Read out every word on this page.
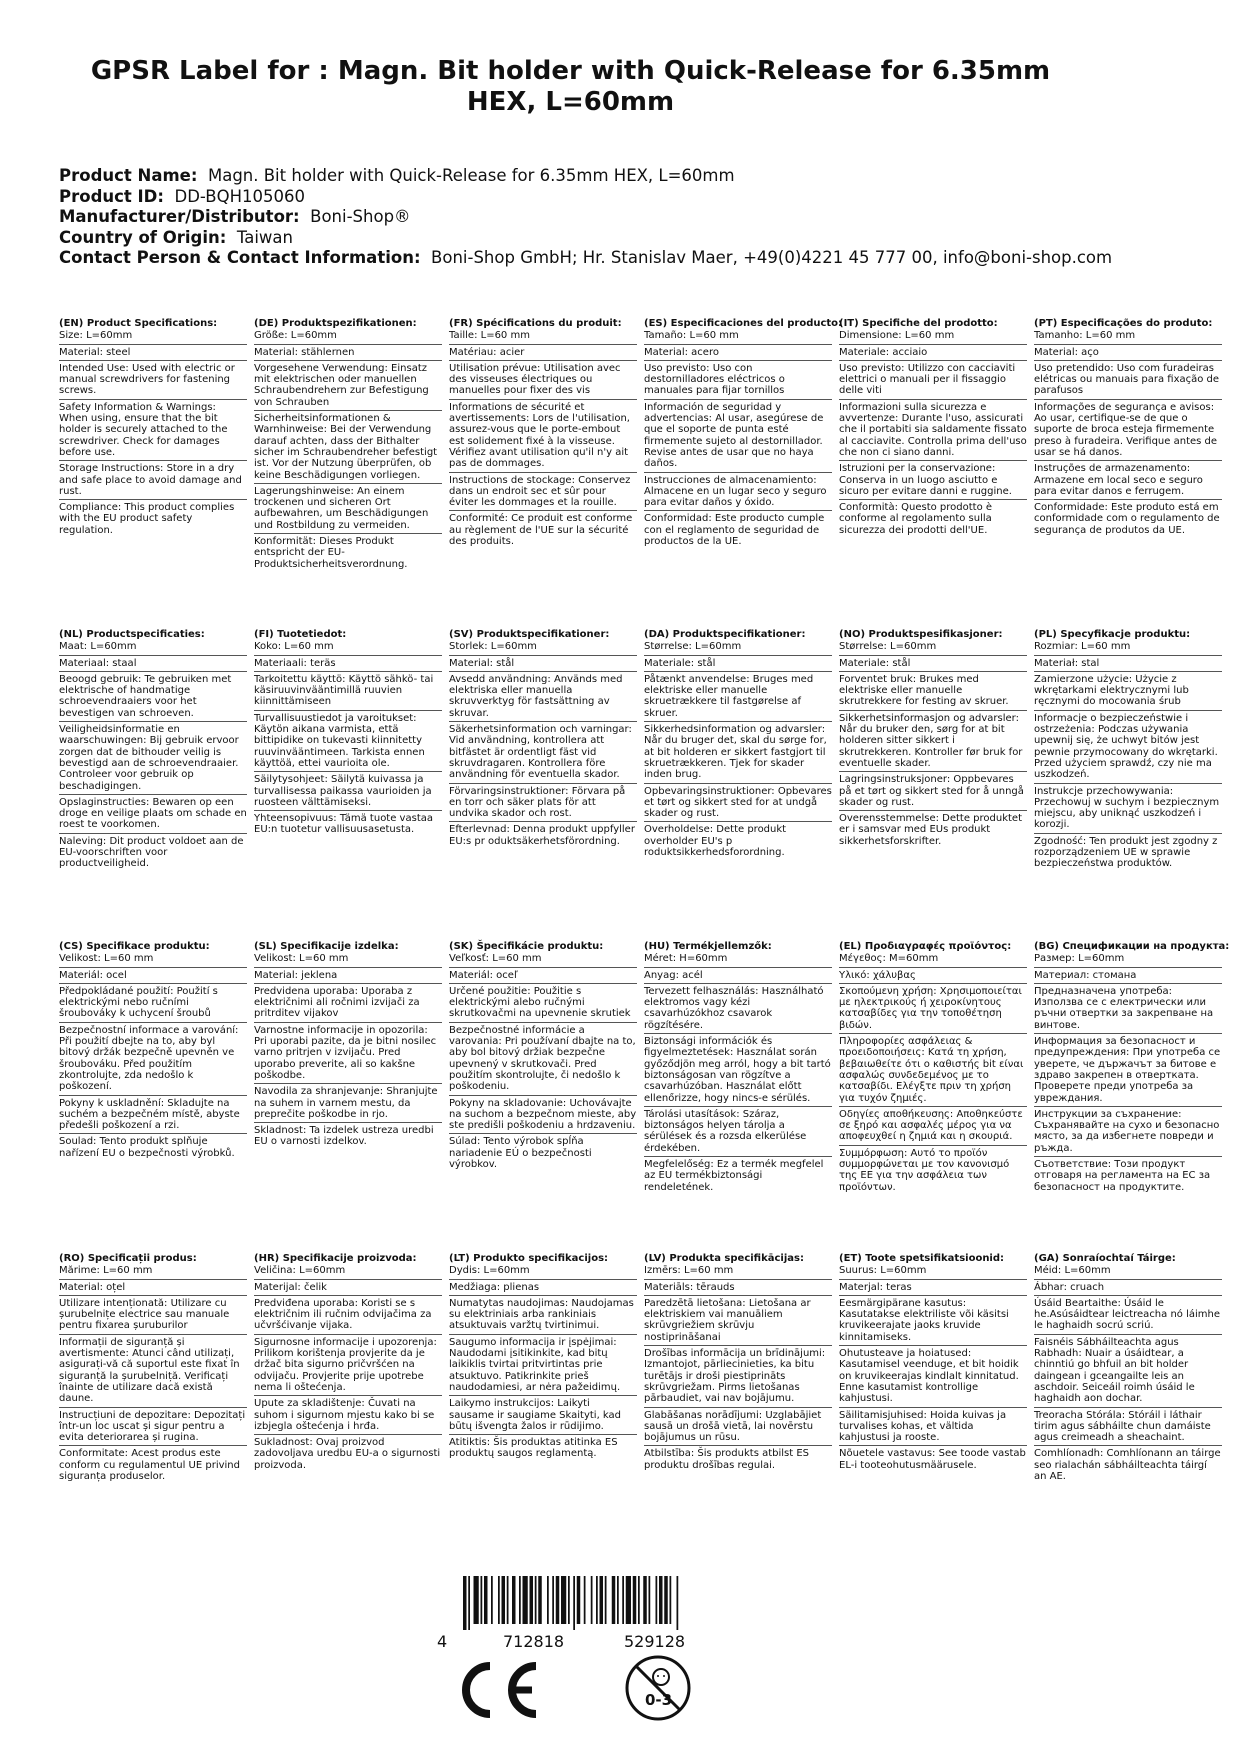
GPSR Label for : Magn. Bit holder with Quick-Release for 6.35mm HEX, L=60mm
Product Name: Magn. Bit holder with Quick-Release for 6.35mm HEX, L=60mm
Product ID: DD-BQH105060
Manufacturer/Distributor: Boni-Shop®
Country of Origin: Taiwan
Contact Person & Contact Information: Boni-Shop GmbH; Hr. Stanislav Maer, +49(0)4221 45 777 00, info@boni-shop.com
(EN) Product Specifications:

Size: L=60mm

Material: steel

Intended Use: Used with electric or manual screwdrivers for fastening screws.

Safety Information & Warnings: When using, ensure that the bit holder is securely attached to the screwdriver. Check for damages before use.

Storage Instructions: Store in a dry and safe place to avoid damage and rust.

Compliance: This product complies with the EU product safety regulation.

(DE) Produktspezifikationen:

Größe: L=60mm

Material: stählernen

Vorgesehene Verwendung: Einsatz mit elektrischen oder manuellen Schraubendrehern zur Befestigung von Schrauben

Sicherheitsinformationen & Warnhinweise: Bei der Verwendung darauf achten, dass der Bithalter sicher im Schraubendreher befestigt ist. Vor der Nutzung überprüfen, ob keine Beschädigungen vorliegen.

Lagerungshinweise: An einem trockenen und sicheren Ort aufbewahren, um Beschädigungen und Rostbildung zu vermeiden.

Konformität: Dieses Produkt entspricht der EU-Produktsicherheitsverordnung.

(FR) Spécifications du produit:

Taille: L=60 mm

Matériau: acier

Utilisation prévue: Utilisation avec des visseuses électriques ou manuelles pour fixer des vis

Informations de sécurité et avertissements: Lors de l'utilisation, assurez-vous que le porte-embout est solidement fixé à la visseuse. Vérifiez avant utilisation qu'il n'y ait pas de dommages.

Instructions de stockage: Conservez dans un endroit sec et sûr pour éviter les dommages et la rouille.

Conformité: Ce produit est conforme au règlement de l'UE sur la sécurité des produits.

(ES) Especificaciones del producto:

Tamaño: L=60 mm

Material: acero

Uso previsto: Uso con destornilladores eléctricos o manuales para fijar tornillos

Información de seguridad y advertencias: Al usar, asegúrese de que el soporte de punta esté firmemente sujeto al destornillador. Revise antes de usar que no haya daños.

Instrucciones de almacenamiento: Almacene en un lugar seco y seguro para evitar daños y óxido.

Conformidad: Este producto cumple con el reglamento de seguridad de productos de la UE.

(IT) Specifiche del prodotto:

Dimensione: L=60 mm

Materiale: acciaio

Uso previsto: Utilizzo con cacciaviti elettrici o manuali per il fissaggio delle viti

Informazioni sulla sicurezza e avvertenze: Durante l'uso, assicurati che il portabiti sia saldamente fissato al cacciavite. Controlla prima dell'uso che non ci siano danni.

Istruzioni per la conservazione: Conserva in un luogo asciutto e sicuro per evitare danni e ruggine.

Conformità: Questo prodotto è conforme al regolamento sulla sicurezza dei prodotti dell'UE.

(PT) Especificações do produto:

Tamanho: L=60 mm

Material: aço

Uso pretendido: Uso com furadeiras elétricas ou manuais para fixação de parafusos

Informações de segurança e avisos: Ao usar, certifique-se de que o suporte de broca esteja firmemente preso à furadeira. Verifique antes de usar se há danos.

Instruções de armazenamento: Armazene em local seco e seguro para evitar danos e ferrugem.

Conformidade: Este produto está em conformidade com o regulamento de segurança de produtos da UE.

(NL) Productspecificaties:

Maat: L=60mm

Materiaal: staal

Beoogd gebruik: Te gebruiken met elektrische of handmatige schroevendraaiers voor het bevestigen van schroeven.

Veiligheidsinformatie en waarschuwingen: Bij gebruik ervoor zorgen dat de bithouder veilig is bevestigd aan de schroevendraaier. Controleer voor gebruik op beschadigingen.

Opslaginstructies: Bewaren op een droge en veilige plaats om schade en roest te voorkomen.

Naleving: Dit product voldoet aan de EU-voorschriften voor productveiligheid.

(FI) Tuotetiedot:

Koko: L=60 mm

Materiaali: teräs

Tarkoitettu käyttö: Käyttö sähkö- tai käsiruuvinvääntimillä ruuvien kiinnittämiseen

Turvallisuustiedot ja varoitukset: Käytön aikana varmista, että bittipidike on tukevasti kiinnitetty ruuvinvääntimeen. Tarkista ennen käyttöä, ettei vaurioita ole.

Säilytysohjeet: Säilytä kuivassa ja turvallisessa paikassa vaurioiden ja ruosteen välttämiseksi.

Yhteensopivuus: Tämä tuote vastaa EU:n tuotetur vallisuusasetusta.

(SV) Produktspecifikationer:

Storlek: L=60mm

Material: stål

Avsedd användning: Används med elektriska eller manuella skruvverktyg för fastsättning av skruvar.

Säkerhetsinformation och varningar: Vid användning, kontrollera att bitfästet är ordentligt fäst vid skruvdragaren. Kontrollera före användning för eventuella skador.

Förvaringsinstruktioner: Förvara på en torr och säker plats för att undvika skador och rost.

Efterlevnad: Denna produkt uppfyller EU:s pr oduktsäkerhetsförordning.

(DA) Produktspecifikationer:

Størrelse: L=60mm

Materiale: stål

Påtænkt anvendelse: Bruges med elektriske eller manuelle skruetrækkere til fastgørelse af skruer.

Sikkerhedsinformation og advarsler: Når du bruger det, skal du sørge for, at bit holderen er sikkert fastgjort til skruetrækkeren. Tjek for skader inden brug.

Opbevaringsinstruktioner: Opbevares et tørt og sikkert sted for at undgå skader og rust.

Overholdelse: Dette produkt overholder EU's p roduktsikkerhedsforordning.

(NO) Produktspesifikasjoner:

Størrelse: L=60mm

Materiale: stål

Forventet bruk: Brukes med elektriske eller manuelle skrutrekkere for festing av skruer.

Sikkerhetsinformasjon og advarsler: Når du bruker den, sørg for at bit holderen sitter sikkert i skrutrekkeren. Kontroller før bruk for eventuelle skader.

Lagringsinstruksjoner: Oppbevares på et tørt og sikkert sted for å unngå skader og rust.

Overensstemmelse: Dette produktet er i samsvar med EUs produkt sikkerhetsforskrifter.

(PL) Specyfikacje produktu:

Rozmiar: L=60 mm

Materiał: stal

Zamierzone użycie: Użycie z wkrętarkami elektrycznymi lub ręcznymi do mocowania śrub

Informacje o bezpieczeństwie i ostrzeżenia: Podczas używania upewnij się, że uchwyt bitów jest pewnie przymocowany do wkrętarki. Przed użyciem sprawdź, czy nie ma uszkodzeń.

Instrukcje przechowywania: Przechowuj w suchym i bezpiecznym miejscu, aby uniknąć uszkodzeń i korozji.

Zgodność: Ten produkt jest zgodny z rozporządzeniem UE w sprawie bezpieczeństwa produktów.

(CS) Specifikace produktu:

Velikost: L=60 mm

Materiál: ocel

Předpokládané použití: Použití s elektrickými nebo ručními šroubováky k uchycení šroubů

Bezpečnostní informace a varování: Při použití dbejte na to, aby byl bitový držák bezpečně upevněn ve šroubováku. Před použitím zkontrolujte, zda nedošlo k poškození.

Pokyny k uskladnění: Skladujte na suchém a bezpečném místě, abyste předešli poškození a rzi.

Soulad: Tento produkt splňuje nařízení EU o bezpečnosti výrobků.

(SL) Specifikacije izdelka:

Velikost: L=60 mm

Material: jeklena

Predvidena uporaba: Uporaba z električnimi ali ročnimi izvijači za pritrditev vijakov

Varnostne informacije in opozorila: Pri uporabi pazite, da je bitni nosilec varno pritrjen v izvijaču. Pred uporabo preverite, ali so kakšne poškodbe.

Navodila za shranjevanje: Shranjujte na suhem in varnem mestu, da preprečite poškodbe in rjo.

Skladnost: Ta izdelek ustreza uredbi EU o varnosti izdelkov.

(SK) Špecifikácie produktu:

Veľkosť: L=60 mm

Materiál: oceľ

Určené použitie: Použitie s elektrickými alebo ručnými skrutkovačmi na upevnenie skrutiek

Bezpečnostné informácie a varovania: Pri používaní dbajte na to, aby bol bitový držiak bezpečne upevnený v skrutkovači. Pred použitím skontrolujte, či nedošlo k poškodeniu.

Pokyny na skladovanie: Uchovávajte na suchom a bezpečnom mieste, aby ste predišli poškodeniu a hrdzaveniu.

Súlad: Tento výrobok spĺňa nariadenie EÚ o bezpečnosti výrobkov.

(HU) Termékjellemzők:

Méret: H=60mm

Anyag: acél

Tervezett felhasználás: Használható elektromos vagy kézi csavarhúzókhoz csavarok rögzítésére.

Biztonsági információk és figyelmeztetések: Használat során győződjön meg arról, hogy a bit tartó biztonságosan van rögzítve a csavarhúzóban. Használat előtt ellenőrizze, hogy nincs-e sérülés.

Tárolási utasítások: Száraz, biztonságos helyen tárolja a sérülések és a rozsda elkerülése érdekében.

Megfelelőség: Ez a termék megfelel az EU termékbiztonsági rendeletének.

(EL) Προδιαγραφές προϊόντος:

Μέγεθος: Μ=60mm

Υλικό: χάλυβας

Σκοπούμενη χρήση: Χρησιμοποιείται με ηλεκτρικούς ή χειροκίνητους κατσαβίδες για την τοποθέτηση βιδών.

Πληροφορίες ασφάλειας & προειδοποιήσεις: Κατά τη χρήση, βεβαιωθείτε ότι ο καθιστής bit είναι ασφαλώς συνδεδεμένος με το κατσαβίδι. Ελέγξτε πριν τη χρήση για τυχόν ζημιές.

Οδηγίες αποθήκευσης: Αποθηκεύστε σε ξηρό και ασφαλές μέρος για να αποφευχθεί η ζημιά και η σκουριά.

Συμμόρφωση: Αυτό το προϊόν συμμορφώνεται με τον κανονισμό της ΕΕ για την ασφάλεια των προϊόντων.

(BG) Спецификации на продукта:

Размер: L=60mm

Материал: стомана

Предназначена употреба: Използва се с електрически или ръчни отвертки за закрепване на винтове.

Информация за безопасност и предупреждения: При употреба се уверете, че държачът за битове е здраво закрепен в отвертката. Проверете преди употреба за увреждания.

Инструкции за съхранение: Съхранявайте на сухо и безопасно място, за да избегнете повреди и ръжда.

Съответствие: Този продукт отговаря на регламента на ЕС за безопасност на продуктите.

(RO) Specificații produs:

Mărime: L=60 mm

Material: oțel

Utilizare intenționată: Utilizare cu șurubelnițe electrice sau manuale pentru fixarea șuruburilor

Informații de siguranță și avertismente: Atunci când utilizați, asigurați-vă că suportul este fixat în siguranță la șurubelniță. Verificați înainte de utilizare dacă există daune.

Instrucțiuni de depozitare: Depozitați într-un loc uscat și sigur pentru a evita deteriorarea și rugina.

Conformitate: Acest produs este conform cu regulamentul UE privind siguranța produselor.

(HR) Specifikacije proizvoda:

Veličina: L=60mm

Materijal: čelik

Predviđena uporaba: Koristi se s električnim ili ručnim odvijačima za učvršćivanje vijaka.

Sigurnosne informacije i upozorenja: Prilikom korištenja provjerite da je držač bita sigurno pričvršćen na odvijaču. Provjerite prije upotrebe nema li oštećenja.

Upute za skladištenje: Čuvati na suhom i sigurnom mjestu kako bi se izbjegla oštećenja i hrđa.

Sukladnost: Ovaj proizvod zadovoljava uredbu EU-a o sigurnosti proizvoda.

(LT) Produkto specifikacijos:

Dydis: L=60mm

Medžiaga: plienas

Numatytas naudojimas: Naudojamas su elektriniais arba rankiniais atsuktuvais varžtų tvirtinimui.

Saugumo informacija ir įspėjimai: Naudodami įsitikinkite, kad bitų laikiklis tvirtai pritvirtintas prie atsuktuvo. Patikrinkite prieš naudodamiesi, ar nėra pažeidimų.

Laikymo instrukcijos: Laikyti sausame ir saugiame Skaityti, kad būtų išvengta žalos ir rūdijimo.

Atitiktis: Šis produktas atitinka ES produktų saugos reglamentą.

(LV) Produkta specifikācijas:

Izmērs: L=60 mm

Materiāls: tērauds

Paredzētā lietošana: Lietošana ar elektriskiem vai manuāliem skrūvgriežiem skrūvju nostiprināšanai

Drošības informācija un brīdinājumi: Izmantojot, pārliecinieties, ka bitu turētājs ir droši piestiprināts skrūvgriežam. Pirms lietošanas pārbaudiet, vai nav bojājumu.

Glabāšanas norādījumi: Uzglabājiet sausā un drošā vietā, lai novērstu bojājumus un rūsu.

Atbilstība: Šis produkts atbilst ES produktu drošības regulai.

(ET) Toote spetsifikatsioonid:

Suurus: L=60mm

Materjal: teras

Eesmärgipärane kasutus: Kasutatakse elektriliste või käsitsi kruvikeerajate jaoks kruvide kinnitamiseks.

Ohutusteave ja hoiatused: Kasutamisel veenduge, et bit hoidik on kruvikeerajas kindlalt kinnitatud. Enne kasutamist kontrollige kahjustusi.

Säilitamisjuhised: Hoida kuivas ja turvalises kohas, et vältida kahjustusi ja rooste.

Nõuetele vastavus: See toode vastab EL-i tooteohutusmäärusele.

(GA) Sonraíochtaí Táirge:

Méid: L=60mm

Ábhar: cruach

Úsáid Beartaithe: Úsáid le he.Asúsáidtear leictreacha nó láimhe le haghaidh socrú scriú.

Faisnéis Sábháilteachta agus Rabhadh: Nuair a úsáidtear, a chinntiú go bhfuil an bit holder daingean i gceangailte leis an aschdoir. Seiceáil roimh úsáid le haghaidh aon dochar.

Treoracha Stórála: Stóráil i láthair tirim agus sábháilte chun damáiste agus creimeadh a sheachaint.

Comhlíonadh: Comhlíonann an táirge seo rialachán sábháilteachta táirgí an AE.

4	712818	529128
0-3
